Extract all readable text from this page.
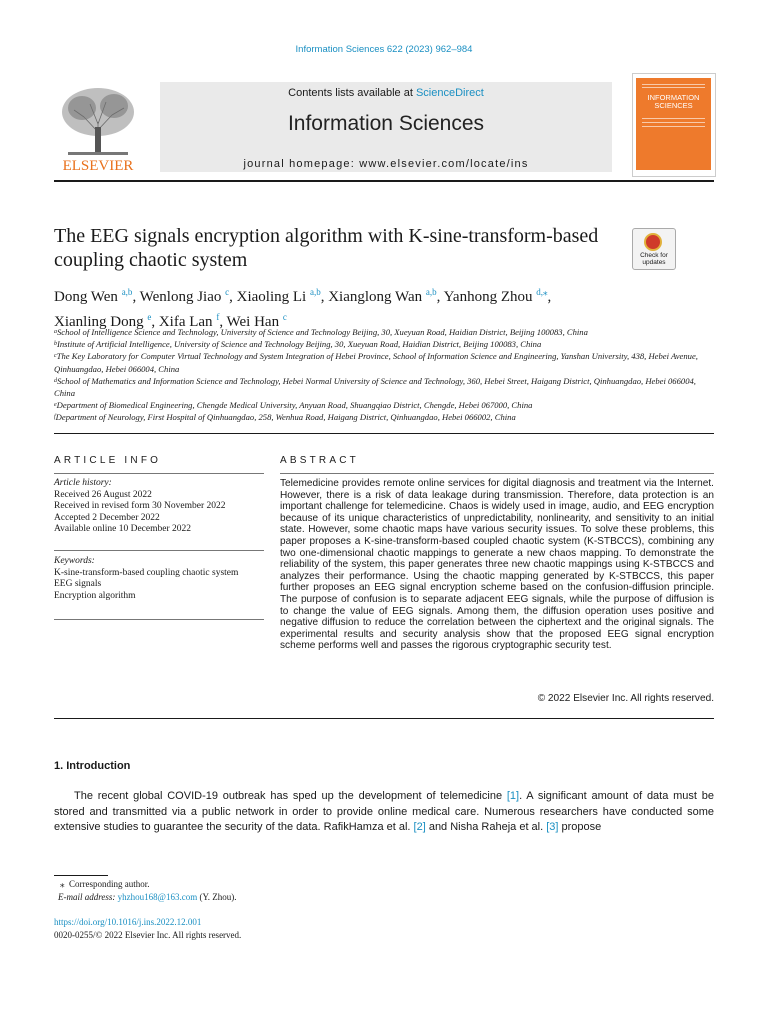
Information Sciences 622 (2023) 962–984
ELSEVIER
Contents lists available at ScienceDirect
Information Sciences
journal homepage: www.elsevier.com/locate/ins
INFORMATION SCIENCES
The EEG signals encryption algorithm with K-sine-transform-based coupling chaotic system	Check for updates
Dong Wen $^{a,b}$, Wenlong Jiao $^c$, Xiaoling Li $^{a,b}$, Xianglong Wan $^{a,b}$, Yanhong Zhou $^{d,⁎}$,
Xianling Dong $^e$, Xifa Lan $^f$, Wei Han $^c$
$^a$School of Intelligence Science and Technology, University of Science and Technology Beijing, 30, Xueyuan Road, Haidian District, Beijing 100083, China
$^b$Institute of Artificial Intelligence, University of Science and Technology Beijing, 30, Xueyuan Road, Haidian District, Beijing 100083, China
$^c$The Key Laboratory for Computer Virtual Technology and System Integration of Hebei Province, School of Information Science and Engineering, Yanshan University, 438, Hebei Avenue, Qinhuangdao, Hebei 066004, China
$^d$School of Mathematics and Information Science and Technology, Hebei Normal University of Science and Technology, 360, Hebei Street, Haigang District, Qinhuangdao, Hebei 066004, China
$^e$Department of Biomedical Engineering, Chengde Medical University, Anyuan Road, Shuangqiao District, Chengde, Hebei 067000, China
$^f$Department of Neurology, First Hospital of Qinhuangdao, 258, Wenhua Road, Haigang District, Qinhuangdao, Hebei 066002, China
ARTICLE INFO	ABSTRACT
Article history:
Received 26 August 2022
Received in revised form 30 November 2022
Accepted 2 December 2022
Available online 10 December 2022
Keywords:
K-sine-transform-based coupling chaotic system
EEG signals
Encryption algorithm
Telemedicine provides remote online services for digital diagnosis and treatment via the Internet. However, there is a risk of data leakage during transmission. Therefore, data protection is an important challenge for telemedicine. Chaos is widely used in image, audio, and EEG encryption because of its unique characteristics of unpredictability, nonlinearity, and sensitivity to an initial state. However, some chaotic maps have various security issues. To solve these problems, this paper proposes a K-sine-transform-based coupled chaotic system (K-STBCCS), combining any two one-dimensional chaotic mappings to generate a new chaos mapping. To demonstrate the reliability of the system, this paper generates three new chaotic mappings using K-STBCCS and analyzes their performance. Using the chaotic mapping generated by K-STBCCS, this paper further proposes an EEG signal encryption scheme based on the confusion-diffusion principle. The purpose of confusion is to separate adjacent EEG signals, while the purpose of diffusion is to change the value of EEG signals. Among them, the diffusion operation uses positive and negative diffusion to reduce the correlation between the ciphertext and the original signals. The experimental results and security analysis show that the proposed EEG signal encryption scheme performs well and passes the rigorous cryptographic security test.
© 2022 Elsevier Inc. All rights reserved.
1. Introduction
The recent global COVID-19 outbreak has sped up the development of telemedicine [1]. A significant amount of data must be stored and transmitted via a public network in order to provide online medical care. Numerous researchers have conducted some extensive studies to guarantee the security of the data. RafikHamza et al. [2] and Nisha Raheja et al. [3] propose
⁎ Corresponding author.
E-mail address: yhzhou168@163.com (Y. Zhou).
https://doi.org/10.1016/j.ins.2022.12.001
0020-0255/© 2022 Elsevier Inc. All rights reserved.
